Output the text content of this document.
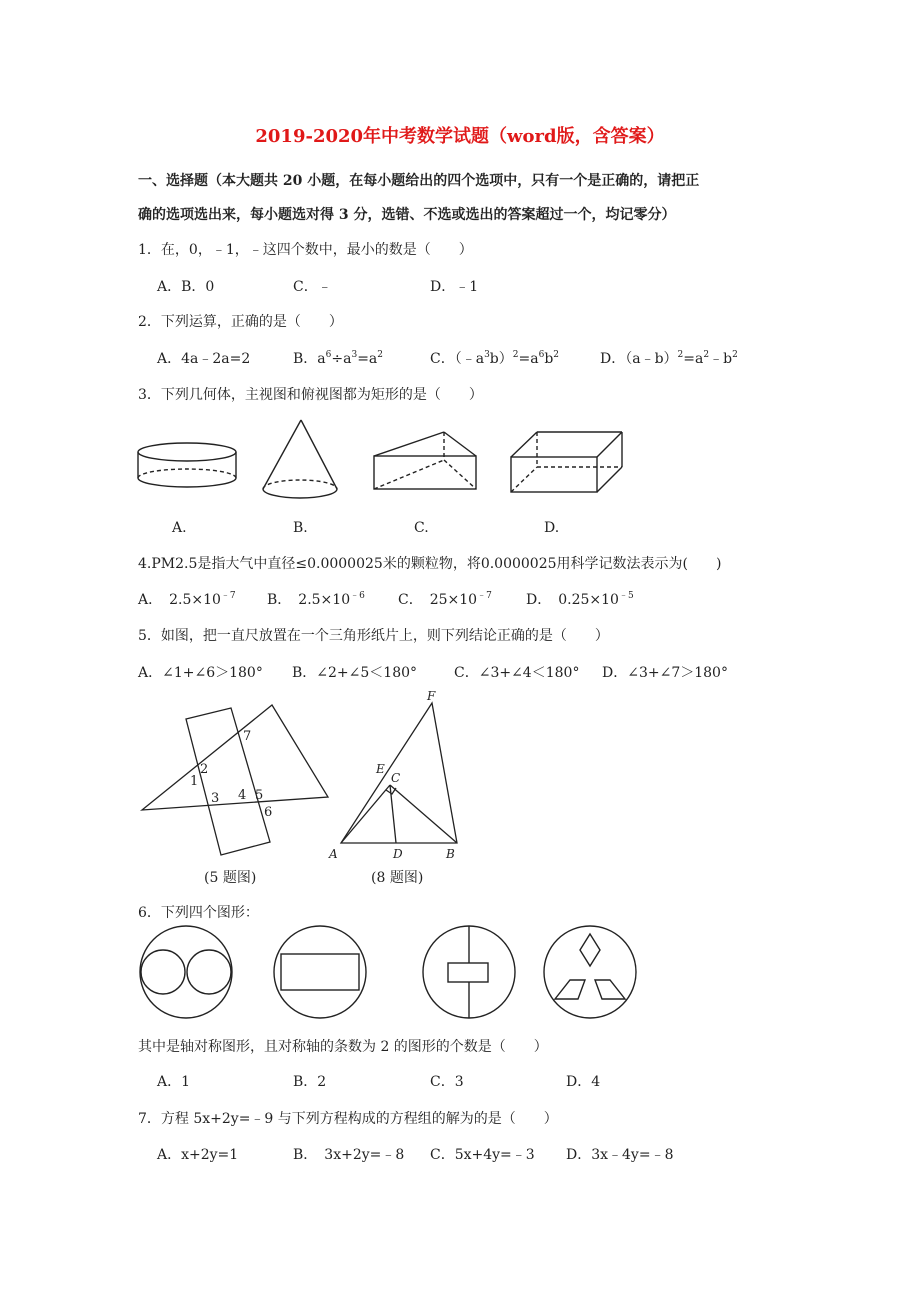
2019-2020年中考数学试题（word版，含答案）
一、选择题（本大题共 20 小题，在每小题给出的四个选项中，只有一个是正确的，请把正
确的选项选出来，每小题选对得 3 分，选错、不选或选出的答案超过一个，均记零分）
1．在，0，﹣1，﹣这四个数中，最小的数是（　　）
A．B．0	C．﹣	D．﹣1
2．下列运算，正确的是（　　）
A．4a﹣2a=2	B．$a^6\div a^3=a^2$	C．$(﹣a^3b)^2=a^6b^2$	D．$(a﹣b)^2=a^2﹣b^2$
3．下列几何体，主视图和俯视图都为矩形的是（　　）
A.	B.	C.	D.
4.PM2.5是指大气中直径≤0.0000025米的颗粒物，将0.0000025用科学记数法表示为(　　)
A．　$2.5\times 10^{﹣7}$ B．　$2.5\times 10^{﹣6}$ C．　$25\times 10^{﹣7}$ D．　$0.25\times 10^{﹣5}$
5．如图，把一直尺放置在一个三角形纸片上，则下列结论正确的是（　　）
A．∠1+∠6＞180° B．∠2+∠5＜180°	C．∠3+∠4＜180° D．∠3+∠7＞180°
1
2
3 4 5
6
7
F
E
C
A	D	B
(5 题图)	(8 题图)
6．下列四个图形：
其中是轴对称图形，且对称轴的条数为 2 的图形的个数是（　　）
A．1	B．2	C．3	D．4
7．方程 5x+2y=﹣9 与下列方程构成的方程组的解为的是（　　）
A．x+2y=1	B．　3x+2y=﹣8 C．5x+4y=﹣3 D．3x﹣4y=﹣8
